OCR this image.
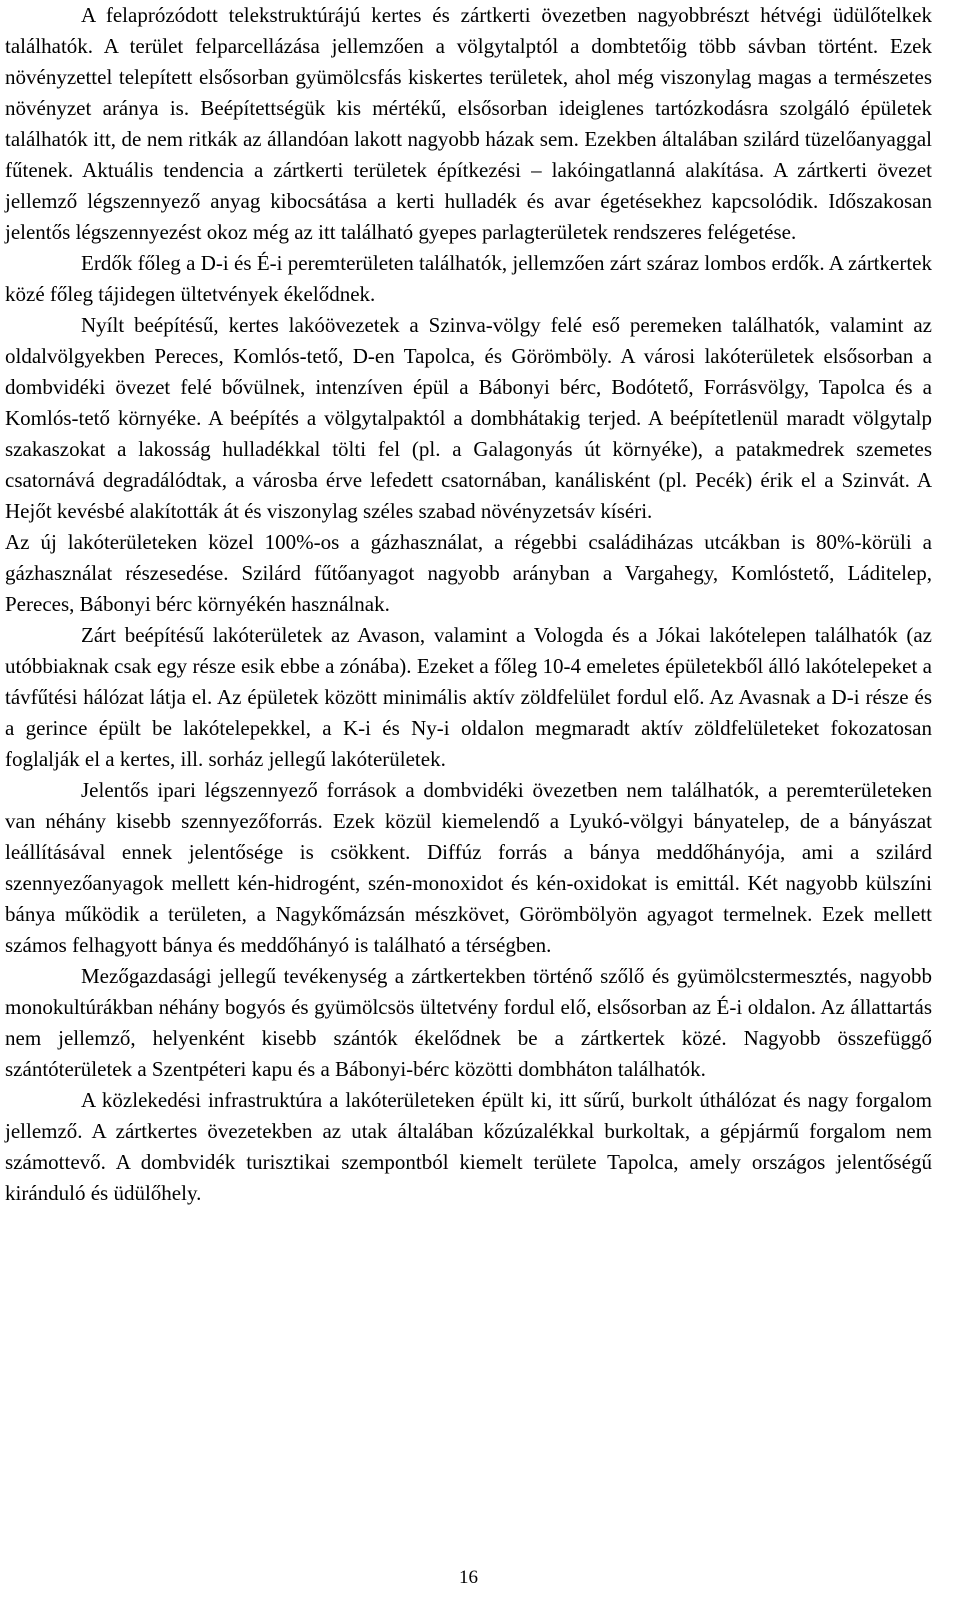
A felaprózódott telekstruktúrájú kertes és zártkerti övezetben nagyobbrészt hétvégi üdülőtelkek találhatók. A terület felparcellázása jellemzően a völgytalptól a dombtetőig több sávban történt. Ezek növényzettel telepített elsősorban gyümölcsfás kiskertes területek, ahol még viszonylag magas a természetes növényzet aránya is. Beépítettségük kis mértékű, elsősorban ideiglenes tartózkodásra szolgáló épületek találhatók itt, de nem ritkák az állandóan lakott nagyobb házak sem. Ezekben általában szilárd tüzelőanyaggal fűtenek. Aktuális tendencia a zártkerti területek építkezési – lakóingatlanná alakítása. A zártkerti övezet jellemző légszennyező anyag kibocsátása a kerti hulladék és avar égetésekhez kapcsolódik. Időszakosan jelentős légszennyezést okoz még az itt található gyepes parlagterületek rendszeres felégetése.

Erdők főleg a D-i és É-i peremterületen találhatók, jellemzően zárt száraz lombos erdők. A zártkertek közé főleg tájidegen ültetvények ékelődnek.

Nyílt beépítésű, kertes lakóövezetek a Szinva-völgy felé eső peremeken találhatók, valamint az oldalvölgyekben Pereces, Komlós-tető, D-en Tapolca, és Görömböly. A városi lakóterületek elsősorban a dombvidéki övezet felé bővülnek, intenzíven épül a Bábonyi bérc, Bodótető, Forrásvölgy, Tapolca és a Komlós-tető környéke. A beépítés a völgytalpaktól a dombhátakig terjed. A beépítetlenül maradt völgytalp szakaszokat a lakosság hulladékkal tölti fel (pl. a Galagonyás út környéke), a patakmedrek szemetes csatornává degradálódtak, a városba érve lefedett csatornában, kanálisként (pl. Pecék) érik el a Szinvát. A Hejőt kevésbé alakították át és viszonylag széles szabad növényzetsáv kíséri.

Az új lakóterületeken közel 100%-os a gázhasználat, a régebbi családiházas utcákban is 80%-körüli a gázhasználat részesedése. Szilárd fűtőanyagot nagyobb arányban a Vargahegy, Komlóstető, Láditelep, Pereces, Bábonyi bérc környékén használnak.

Zárt beépítésű lakóterületek az Avason, valamint a Vologda és a Jókai lakótelepen találhatók (az utóbbiaknak csak egy része esik ebbe a zónába). Ezeket a főleg 10-4 emeletes épületekből álló lakótelepeket a távfűtési hálózat látja el. Az épületek között minimális aktív zöldfelület fordul elő. Az Avasnak a D-i része és a gerince épült be lakótelepekkel, a K-i és Ny-i oldalon megmaradt aktív zöldfelületeket fokozatosan foglalják el a kertes, ill. sorház jellegű lakóterületek.

Jelentős ipari légszennyező források a dombvidéki övezetben nem találhatók, a peremterületeken van néhány kisebb szennyezőforrás. Ezek közül kiemelendő a Lyukó-völgyi bányatelep, de a bányászat leállításával ennek jelentősége is csökkent. Diffúz forrás a bánya meddőhányója, ami a szilárd szennyezőanyagok mellett kén-hidrogént, szén-monoxidot és kén-oxidokat is emittál. Két nagyobb külszíni bánya működik a területen, a Nagykőmázsán mészkövet, Görömbölyön agyagot termelnek. Ezek mellett számos felhagyott bánya és meddőhányó is található a térségben.

Mezőgazdasági jellegű tevékenység a zártkertekben történő szőlő és gyümölcstermesztés, nagyobb monokultúrákban néhány bogyós és gyümölcsös ültetvény fordul elő, elsősorban az É-i oldalon. Az állattartás nem jellemző, helyenként kisebb szántók ékelődnek be a zártkertek közé. Nagyobb összefüggő szántóterületek a Szentpéteri kapu és a Bábonyi-bérc közötti dombháton találhatók.

A közlekedési infrastruktúra a lakóterületeken épült ki, itt sűrű, burkolt úthálózat és nagy forgalom jellemző. A zártkertes övezetekben az utak általában kőzúzalékkal burkoltak, a gépjármű forgalom nem számottevő. A dombvidék turisztikai szempontból kiemelt területe Tapolca, amely országos jelentőségű kiránduló és üdülőhely.

16
